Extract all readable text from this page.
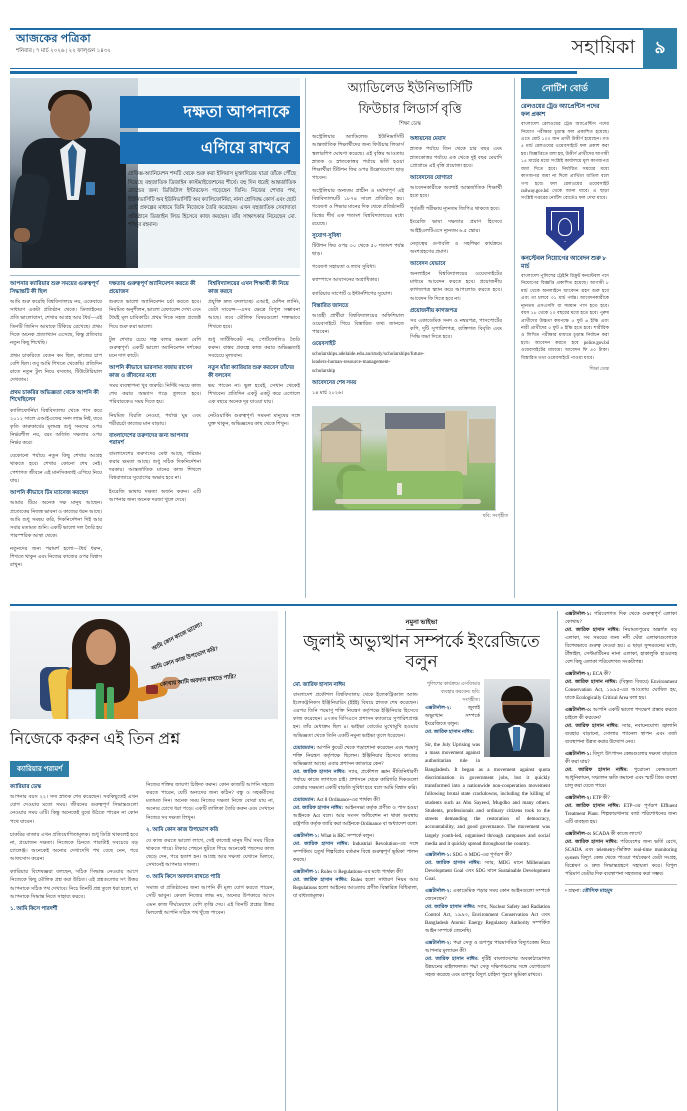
আজকের পত্রিকা
শনিবার | ৭ মার্চ ২০২৬ | ২২ ফাল্গুন ১৪৩২	সহায়িকা	৯
দক্ষতা আপনাকে
এগিয়ে রাখবে
গ্রাফিক্স-অ্যানিমেশন শব্দটি থেকে শুরু করা ইলিয়াস মুক্তাদিরের যাত্রা তাঁকে পৌঁছে দিয়েছে বহুজাতিক ডিজাইন কাস্টমাইজেশনের শীর্ষে। বহু দিন ধরেই আন্তর্জাতিক ব্র্যান্ডের জন্য ডিজিটাল ইন্টারফেস গড়েছেন তিনি। নিজের শেখার পথ, ইউনিভার্সিটি অব ইউনিভার্সিটি অব ক্যালিফোর্নিয়া, নানা শ্রেণিবদ্ধ কোর্স এবং ছোট ছোট প্রকল্পের মাধ্যমে তিনি নিজেকে তৈরি করেছেন। এখন বহুজাতিক সেবাদাতা প্রতিষ্ঠানে ডিজাইন লিড হিসেবে কাজ করছেন। তাঁর সাক্ষাৎকার নিয়েছেন মো. শহিদুর রহমান।
আপনার ক্যারিয়ার শুরু সময়ের গুরুত্বপূর্ণ সিদ্ধান্তটি কী ছিল
আমি শুরু করেছি বিশ্ববিদ্যালয়ে নয়, একেবারে সাধারণ একটা প্রতিষ্ঠান থেকে। ডিজাইনের প্রতি ভালোবাসা, শেখার আগ্রহ আর ধৈর্য—এই তিনটি জিনিস আমাকে টিকিয়ে রেখেছে। প্রথম দিকে অনেক প্রত্যাখ্যান এসেছে, কিন্তু প্রতিবার নতুন কিছু শিখেছি।
প্রথম চাকরিতে বেতন কম ছিল, কাজের চাপ বেশি ছিল। তবু আমি শিখতে থেকেছি। প্রতিদিন রাতে নতুন টুল নিয়ে বসতাম, টিউটোরিয়াল দেখতাম।
প্রথম চাকরির অভিজ্ঞতা থেকে আপনি কী শিখেছিলেন
ক্যালিফোর্নিয়া বিশ্ববিদ্যালয় থেকে পাস করে ২০১২ সালে এআইএফের সনদ লাভ নিই, তবে কৃতি কারুকার্যের মূলমন্ত্র শুধু সনদের ওপর নির্ভরশীল নয়, বরং অর্জিত দক্ষতার ওপর নির্ভর করে।
যেকোনো পর্যায়ে নতুন কিছু শেখার আগ্রহ থাকতে হবে। শেখার কোনো শেষ নেই। পেশাগত জীবনে এই মানসিকতাই এগিয়ে নিয়ে যায়।
আপনি কীভাবে টিম ম্যানেজ করছেন
আমার টিমে অনেক দক্ষ মানুষ আছেন। প্রত্যেকের নিজস্ব ভাবনা ও কাজের ধরন আছে। আমি শুধু সমন্বয় করি, দিকনির্দেশনা দিই আর সবার মতামত শুনি। একটি ভালো দল তৈরি হয় পারস্পরিক আস্থা থেকে।
নতুনদের জন্য পরামর্শ হলো—ধৈর্য ধরুন, শিখতে থাকুন এবং নিজের কাজের ওপর বিশ্বাস রাখুন।
দক্ষতায় গুরুত্বপূর্ণ অ্যানিমেশন করতে কী প্রয়োজন
শুরুতে ভালো অ্যানিমেশন চর্চা করতে হবে। নিয়মিত অনুশীলন, ভালো রেফারেন্স দেখা এবং ধৈর্যই মূল চাবিকাঠি। প্রথম দিকে সহজ প্রজেক্ট দিয়ে শুরু করা ভালো।
টুল শেখার চেয়ে গল্প বলার ক্ষমতা বেশি গুরুত্বপূর্ণ। একটি ভালো অ্যানিমেশন দর্শকের মনে দাগ কাটে।
আপনি কীভাবে ভারসাম্য বজায় রাখেন কাজ ও জীবনের মধ্যে
সময় ব্যবস্থাপনা খুব জরুরি। নির্দিষ্ট সময়ে কাজ শেষ করার অভ্যাস গড়ে তুলতে হবে। পরিবারকেও সময় দিতে হয়।
নিয়মিত বিরতি নেওয়া, পর্যাপ্ত ঘুম এবং শরীরচর্চা কাজের মান বাড়ায়।
বাংলাদেশের তরুণদের জন্য আপনার পরামর্শ
বাংলাদেশের তরুণদের মেধা আছে, পরিশ্রম করার ক্ষমতা আছে। শুধু সঠিক দিকনির্দেশনা দরকার। আন্তর্জাতিক মানের কাজ শিখলে বিশ্ববাজারে সুযোগের অভাব হবে না।
ইংরেজি ভাষায় দক্ষতা অর্জন করুন। এটি আপনার জন্য অনেক দরজা খুলে দেবে।
বিশ্ববিদ্যালয়ের এখন শিক্ষার্থী কী নিয়ে কাজ করবে
প্রযুক্তি দ্রুত বদলাচ্ছে। এআই, মেশিন লার্নিং, ডেটা সায়েন্স—এসব ক্ষেত্রে বিপুল সম্ভাবনা আছে। তবে মৌলিক বিষয়গুলো শক্তভাবে শিখতে হবে।
শুধু সার্টিফিকেট নয়, পোর্টফোলিও তৈরি করুন। বাস্তব প্রকল্পে কাজ করার অভিজ্ঞতাই সবচেয়ে মূল্যবান।
নতুন যাঁরা ক্যারিয়ার শুরু করবেন তাঁদের কী বলবেন
ভয় পাবেন না। ভুল হবেই, সেখান থেকেই শিখবেন। প্রতিদিন একটু একটু করে এগোলে এক বছরে অনেক দূর যাওয়া যায়।
নেটওয়ার্কিং গুরুত্বপূর্ণ। সমমনা মানুষের সঙ্গে যুক্ত থাকুন, অভিজ্ঞদের কাছ থেকে শিখুন।
অ্যাডিলেড ইউনিভার্সিটি
ফিউচার লিডার্স বৃত্তি
শিক্ষা ডেস্ক
অস্ট্রেলিয়ার অ্যাডিলেড ইউনিভার্সিটি আন্তর্জাতিক শিক্ষার্থীদের জন্য ফিউচার লিডার্স স্কলারশিপ ঘোষণা করেছে। এই বৃত্তির আওতায় স্নাতক ও স্নাতকোত্তর পর্যায়ে ভর্তি হওয়া শিক্ষার্থীরা টিউশন ফির ওপর উল্লেখযোগ্য ছাড় পাবেন।
অস্ট্রেলিয়ার অন্যতম প্রাচীন ও মর্যাদাপূর্ণ এই বিশ্ববিদ্যালয়টি ১৮৭৪ সালে প্রতিষ্ঠিত হয়। গবেষণা ও শিক্ষার মানের দিক থেকে প্রতিষ্ঠানটি বিশ্বের শীর্ষ এক শতাংশ বিশ্ববিদ্যালয়ের মধ্যে রয়েছে।
সুযোগ-সুবিধা
টিউশন ফির ওপর ৩০ থেকে ৫০ শতাংশ পর্যন্ত ছাড়।
গবেষণা সহায়তা ও ল্যাব সুবিধা।
ক্যাম্পাসে আবাসনের অগ্রাধিকার।
ক্যারিয়ার সাপোর্ট ও ইন্টার্নশিপের সুযোগ।
বিস্তারিত জানতে
আগ্রহী প্রার্থীরা বিশ্ববিদ্যালয়ের অফিশিয়াল ওয়েবসাইটে গিয়ে বিস্তারিত তথ্য জানতে পারবেন।
ওয়েবসাইট
scholarships.adelaide.edu.au/study/scholarships/future-leaders-human-resource-management-scholarship
আবেদনের শেষ সময়
১৪ মার্চ ২০২৬।
অধ্যয়নের মেয়াদ
স্নাতক পর্যায়ে তিন থেকে চার বছর এবং স্নাতকোত্তর পর্যায়ে এক থেকে দুই বছর মেয়াদি প্রোগ্রামে এই বৃত্তি প্রযোজ্য হবে।
আবেদনের যোগ্যতা
আবেদনকারীকে অবশ্যই আন্তর্জাতিক শিক্ষার্থী হতে হবে।
পূর্ববর্তী পরীক্ষায় ন্যূনতম জিপিএ থাকতে হবে।
ইংরেজি ভাষা দক্ষতার প্রমাণ হিসেবে আইইএলটিএসে ন্যূনতম ৬.৫ স্কোর।
নেতৃত্বের গুণাবলি ও সহশিক্ষা কার্যক্রমে অংশগ্রহণের প্রমাণ।
আবেদন যেভাবে
অনলাইনে বিশ্ববিদ্যালয়ের ওয়েবসাইটের মাধ্যমে আবেদন করতে হবে। প্রয়োজনীয় কাগজপত্র স্ক্যান করে আপলোড করতে হবে। আবেদন ফি দিতে হবে না।
প্রয়োজনীয় কাগজপত্র
সব একাডেমিক সনদ ও নম্বরপত্র, পাসপোর্টের কপি, দুটি সুপারিশপত্র, ব্যক্তিগত বিবৃতি এবং সিভি জমা দিতে হবে।
ছবি: সংগৃহীত
নোটিশ বোর্ড
রেলওয়ের ট্রেড অ্যাপ্রেন্টিস পদের ফল প্রকাশ
বাংলাদেশ রেলওয়ের ট্রেড অ্যাপ্রেন্টিস পদের নিয়োগ পরীক্ষার চূড়ান্ত ফল প্রকাশিত হয়েছে। এতে মোট ১০০ জন প্রার্থী উত্তীর্ণ হয়েছেন। গত ৫ মার্চ রেলওয়ের ওয়েবসাইটে ফল প্রকাশ করা হয়। বিজ্ঞপ্তিতে বলা হয়, উত্তীর্ণ প্রার্থীদের আগামী ১৫ মার্চের মধ্যে সংশ্লিষ্ট কার্যালয়ে মূল কাগজপত্র জমা দিতে হবে। নির্ধারিত সময়ের মধ্যে কাগজপত্র জমা না দিলে প্রার্থিতা বাতিল বলে গণ্য হবে। ফল রেলওয়ের ওয়েবসাইট railway.gov.bd থেকে জানা যাবে। এ ছাড়া সংশ্লিষ্ট দপ্তরের নোটিশ বোর্ডেও ফল দেখা যাবে।
কনস্টেবল নিয়োগের আবেদন শুরু ৮ মার্চ
বাংলাদেশ পুলিশের ট্রেইনি রিক্রুট কনস্টেবল পদে নিয়োগের বিজ্ঞপ্তি প্রকাশিত হয়েছে। আগামী ৮ মার্চ থেকে অনলাইনে আবেদন গ্রহণ শুরু হবে এবং তা চলবে ৩১ মার্চ পর্যন্ত। আবেদনকারীকে ন্যূনতম এসএসসি বা সমমান পাস হতে হবে। বয়স ১৮ থেকে ২০ বছরের মধ্যে হতে হবে। পুরুষ প্রার্থীদের উচ্চতা কমপক্ষে ৫ ফুট ৬ ইঞ্চি এবং নারী প্রার্থীদের ৫ ফুট ৪ ইঞ্চি হতে হবে। শারীরিক ও লিখিত পরীক্ষার মাধ্যমে চূড়ান্ত নির্বাচন করা হবে। আবেদন করতে হবে police.gov.bd ওয়েবসাইটের মাধ্যমে। আবেদন ফি ৪০ টাকা। বিস্তারিত তথ্য ওয়েবসাইটে পাওয়া যাবে।
শিক্ষা ডেস্ক
আমি কোন কাজে ভালো?
আমি কোন কাজ উপভোগ করি?
কোথায় আমি অবদান রাখতে পারি?
নিজেকে করুন এই তিন প্রশ্ন
ক্যারিয়ার পরামর্শ
ক্যারিয়ার ডেস্ক
আপনার বয়স ২২। সদ্য স্নাতক শেষ করেছেন। সবকিছুতেই এখন যোগ দেওয়ার মতো সময়। জীবনের গুরুত্বপূর্ণ সিদ্ধান্তগুলো নেওয়ার সময় এটি। কিন্তু অনেকেই বুঝে উঠতে পারেন না কোন পথে যাবেন।
চাকরির বাজার এখন প্রতিযোগিতামূলক। শুধু ডিগ্রি থাকলেই হবে না, প্রয়োজন দক্ষতা। নিজেকে চিনতে পারাটাই সবচেয়ে বড় চ্যালেঞ্জ। অনেকেই অন্যের দেখাদেখি পথ বেছে নেন, পরে আফসোস করেন।
ক্যারিয়ার বিশেষজ্ঞরা বলছেন, সঠিক সিদ্ধান্ত নেওয়ার আগে নিজেকে কিছু মৌলিক প্রশ্ন করা উচিত। এই প্রশ্নগুলোর সৎ উত্তর আপনাকে সঠিক পথ দেখাবে। নিচে তিনটি প্রশ্ন তুলে ধরা হলো, যা আপনাকে সিদ্ধান্ত নিতে সাহায্য করবে।
১. আমি কিসে পারদর্শী
নিজের শক্তির জায়গা চিহ্নিত করুন। কোন কাজটি আপনি সহজে করতে পারেন, যেটি অন্যদের জন্য কঠিন? বন্ধু ও সহকর্মীদের মতামত নিন। অনেক সময় নিজের দক্ষতা নিজে বোঝা যায় না, অন্যের চোখে ধরা পড়ে। একটি তালিকা তৈরি করুন এবং সেখানে নিজের সব দক্ষতা লিখুন।
২. আমি কোন কাজ উপভোগ করি
যে কাজ করতে ভালো লাগে, সেই কাজেই মানুষ দীর্ঘ সময় টিকে থাকতে পারে। টাকার পেছনে ছুটতে গিয়ে অনেকেই পছন্দের কাজ ছেড়ে দেন, পরে হতাশ হন। আগ্রহ আর দক্ষতা যেখানে মিলবে, সেখানেই আপনার সাফল্য।
৩. আমি কিসে অবদান রাখতে পারি
সমাজ বা প্রতিষ্ঠানের জন্য আপনি কী মূল্য যোগ করতে পারেন, সেটি ভাবুন। কেবল নিজের লাভ নয়, অন্যের উপকারে আসে এমন কাজ দীর্ঘমেয়াদে বেশি তৃপ্তি দেয়। এই তিনটি প্রশ্নের উত্তর মিললেই আপনি সঠিক পথ খুঁজে পাবেন।
নমুনা ভাইভা
জুলাই অভ্যুত্থান সম্পর্কে ইংরেজিতে বলুন
মো. জারিফ হাসান নাঈম
বাংলাদেশ প্রকৌশল বিশ্ববিদ্যালয় থেকে ইলেকট্রিক্যাল অ্যান্ড ইলেকট্রনিকস ইঞ্জিনিয়ারিং (ইইই) বিষয়ে স্নাতক শেষ করেছেন। এরপর তিনি পরমাণু শক্তি নিয়ন্ত্রণ কর্তৃপক্ষে ইঞ্জিনিয়ার হিসেবে কাজ করেছেন। ৪৭তম বিসিএসে প্রশাসন ক্যাডারে সুপারিশপ্রাপ্ত হন। তাঁর মেধাক্রম ছিল ৪। ভাইভা বোর্ডের মুখোমুখি হওয়ার অভিজ্ঞতা থেকে তিনি একটি নমুনা ভাইভা তুলে ধরেছেন।
চেয়ারম্যান: আপনি কুয়েট থেকে পড়াশোনা করেছেন এবং পরমাণু শক্তি নিয়ন্ত্রণ কর্তৃপক্ষে ছিলেন। ইঞ্জিনিয়ার হিসেবে কাজের অভিজ্ঞতা আছে। এবার প্রশাসন ক্যাডারে কেন?
মো. জারিফ হাসান নাঈম: স্যার, প্রকৌশল জ্ঞান নীতিনির্ধারণী পর্যায়ে কাজে লাগাতে চাই। প্রশাসনে থেকে কারিগরি দিকগুলো বোঝার সক্ষমতা একটি বাড়তি সুবিধা হবে বলে আমি বিশ্বাস করি।
চেয়ারম্যান: Act 8 Ordinance-এর পার্থক্য কী?
মো. জারিফ হাসান নাঈম: আইনসভা কর্তৃক প্রণীত ও পাস হওয়া আইনকে Act বলে। আর সংসদ অধিবেশন না থাকা অবস্থায় রাষ্ট্রপতি কর্তৃক জারি করা আইনকে Ordinance বা অধ্যাদেশ বলে।
এক্সটার্নাল-১: What is IRC সম্পর্কে বলুন।
মো. জারিফ হাসান নাঈম: Industrial Revolution-এর সঙ্গে সম্পর্কিত। চতুর্থ শিল্পবিপ্লব বর্তমান বিশ্বে গুরুত্বপূর্ণ ভূমিকা পালন করছে।
এক্সটার্নাল-১: Rules ও Regulations-এর মধ্যে পার্থক্য কী?
মো. জারিফ হাসান নাঈম: Rules হলো সাধারণ নিয়ম আর Regulations হলো আইনের আওতায় প্রণীত বিস্তারিত বিধিমালা, যা বাধ্যতামূলক।
পুলিশের কার্যক্রমে এসবিআর ব্যবহার করবেন। ছবি: সংগৃহীত।
এক্সটার্নাল-২:	জুলাই অভ্যুত্থান সম্পর্কে ইংরেজিতে বলুন।
মো. জারিফ হাসান নাঈম:
Sir, the July Uprising was a mass movement against authoritarian rule in Bangladesh. It began as a movement against quota discrimination in government jobs, but it quickly transformed into a nationwide non-cooperation movement following brutal state crackdowns, including the killing of students such as Abu Sayeed, Mugdho and many others. Students, professionals and ordinary citizens took to the streets demanding the restoration of democracy, accountability, and good governance. The movement was largely youth-led, organised through campuses and social media and it quickly spread throughout the country.
এক্সটার্নাল-১: SDG ও MDG-এর পূর্ণরূপ কী?
মো. জারিফ হাসান নাঈম: স্যার, MDG মানে Millennium Development Goal এবং SDG মানে Sustainable Development Goal.
এক্সটার্নাল-২: একাডেমিক পড়ার সময় কোন আইনগুলো সম্পর্কে জেনেছেন?
মো. জারিফ হাসান নাঈম: স্যার, Nuclear Safety and Radiation Control Act, ১৯৯৩, Environment Conservation Act এবং Bangladesh Atomic Energy Regulatory Authority সম্পর্কিত আইন সম্পর্কে জেনেছি।
এক্সটার্নাল-২: পদ্মা সেতু ও রূপপুর পারমাণবিক বিদ্যুৎকেন্দ্র নিয়ে আপনার মূল্যায়ন কী?
মো. জারিফ হাসান নাঈম: দুটিই বাংলাদেশের অবকাঠামোগত উন্নয়নের মাইলফলক। পদ্মা সেতু দক্ষিণাঞ্চলের সঙ্গে যোগাযোগ সহজ করেছে এবং রূপপুর বিদ্যুৎ চাহিদা পূরণে ভূমিকা রাখবে।
এক্সটার্নাল-১: পরিবেশগত দিক থেকে গুরুত্বপূর্ণ এলাকা কোথায়?
মো. জারিফ হাসান নাঈম: নিয়ামতপুরের অন্তর্গত বড় এলাকা, সব সময়ের জন্য নদী ঘেঁষা এলাকাগুলোকে বিশেষভাবে গুরুত্ব দেওয়া হয়। এ ছাড়া সুন্দরবনের মধ্যে, টাঁঙ্গাইল, সেন্টমার্টিনের নানা এলাকা, হাকালুকি হাওরসহ বেশ কিছু এলাকা পরিবেশগত সংকটাপন্ন।
এক্সটার্নাল-২: ECA কী?
মো. জারিফ হাসান নাঈম: (বিস্তৃত বিষয়ে) Environment Conservation Act, ১৯৯৫-এর আওতায় ঘোষিত হয়, যাকে Ecologically Critical Area বলা হয়।
এক্সটার্নাল-৩: আপনি একটি ভালো পদক্ষেপ প্রস্তাব করতে চাইলে কী করবেন?
মো. জারিফ হাসান নাঈম: স্যার, নবায়নযোগ্য জ্বালানি ব্যবহার বাড়ানো, সোলার প্যানেল স্থাপন এবং বর্জ্য ব্যবস্থাপনা উন্নত করার উদ্যোগ নেব।
এক্সটার্নাল-১: বিদ্যুৎ উৎপাদন কেন্দ্রগুলোর দক্ষতা বাড়াতে কী করা যায়?
মো. জারিফ হাসান নাঈম: পুরোনো কেন্দ্রগুলো আধুনিকায়ন, সঞ্চালন ক্ষতি কমানো এবং স্মার্ট গ্রিড ব্যবস্থা চালু করা যেতে পারে।
এক্সটার্নাল-২: ETP কী?
মো. জারিফ হাসান নাঈম: ETP-এর পূর্ণরূপ Effluent Treatment Plant. শিল্পকারখানার বর্জ্য পরিশোধনের জন্য এটি ব্যবহৃত হয়।
এক্সটার্নাল-৩: SCADA কী কাজে লাগে?
মো. জারিফ হাসান নাঈম: পরিবেশের জন্য ভর্তি রেখে, SCADA এবং telemetry-ভিত্তিক real-time monitoring system বিদ্যুৎ কেন্দ্র থেকে পাওয়া পর্যবেক্ষণ ডেটা সংগ্রহ, বিশ্লেষণ ও দ্রুত সিদ্ধান্তগ্রহণে সহায়তা করে। বিপুল পরিমাণ ডেটার দিক ব্যবস্থাপনা সহজতর করা সম্ভব।
• গ্রন্থনা: তৌসিফ মাহমুদ
